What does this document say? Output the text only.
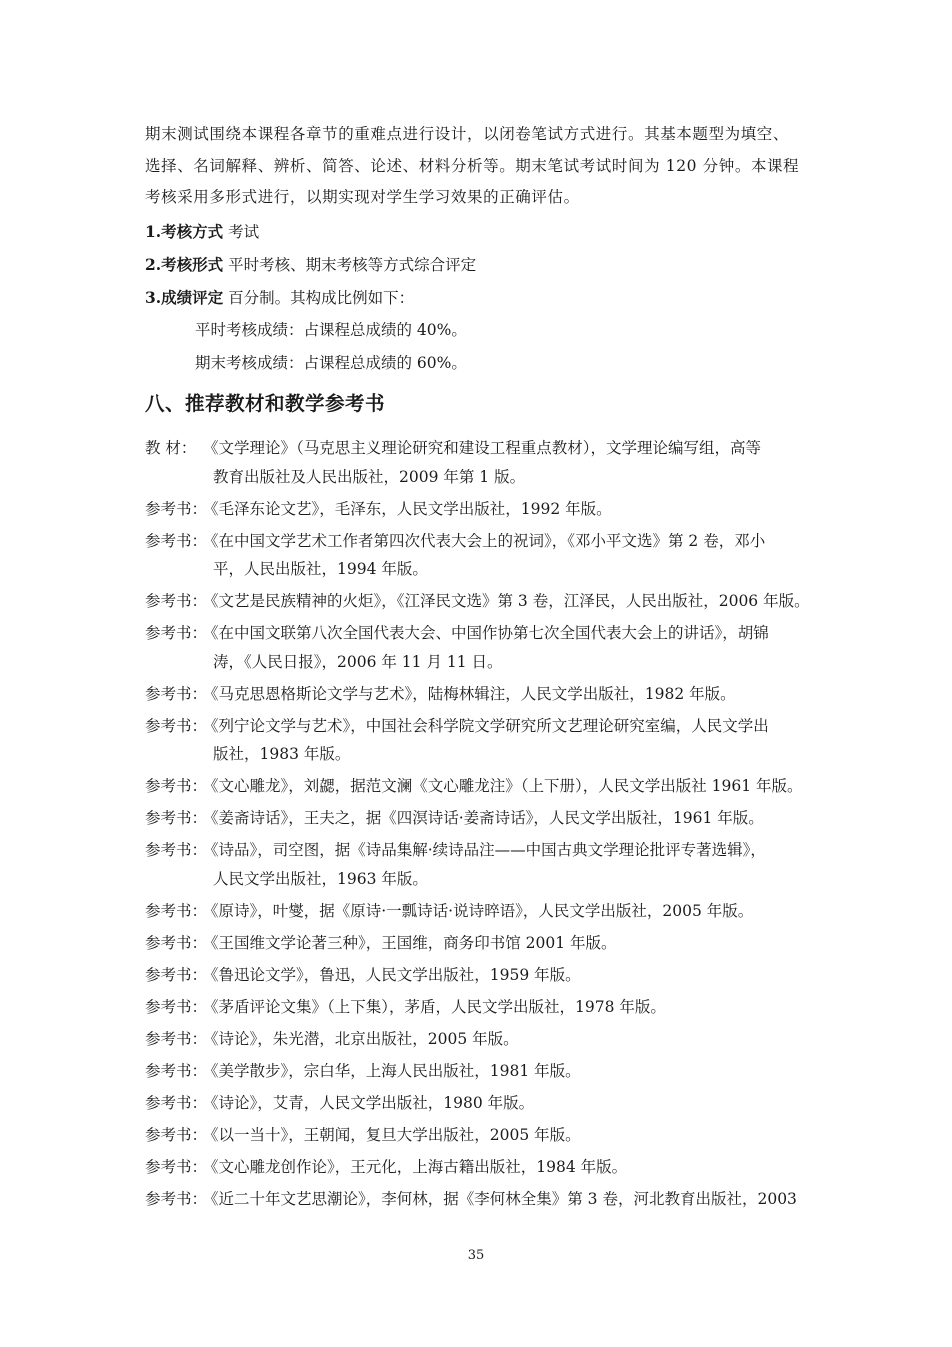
期末测试围绕本课程各章节的重难点进行设计，以闭卷笔试方式进行。其基本题型为填空、

选择、名词解释、辨析、简答、论述、材料分析等。期末笔试考试时间为 120 分钟。本课程

考核采用多形式进行，以期实现对学生学习效果的正确评估。

1.考核方式 考试
2.考核形式 平时考核、期末考核等方式综合评定
3.成绩评定 百分制。其构成比例如下：
平时考核成绩：占课程总成绩的 40%。
期末考核成绩：占课程总成绩的 60%。
八、推荐教材和教学参考书
教 材： 《文学理论》（马克思主义理论研究和建设工程重点教材），文学理论编写组，高等
教育出版社及人民出版社，2009 年第 1 版。
参考书：
《毛泽东论文艺》，毛泽东，人民文学出版社，1992 年版。
参考书：
《在中国文学艺术工作者第四次代表大会上的祝词》，《邓小平文选》第 2 卷，邓小
平，人民出版社，1994 年版。
参考书：
《文艺是民族精神的火炬》，《江泽民文选》第 3 卷，江泽民，人民出版社，2006 年版。
参考书：
《在中国文联第八次全国代表大会、中国作协第七次全国代表大会上的讲话》，胡锦
涛，《人民日报》，2006 年 11 月 11 日。
参考书：
《马克思恩格斯论文学与艺术》，陆梅林辑注，人民文学出版社，1982 年版。
参考书：
《列宁论文学与艺术》，中国社会科学院文学研究所文艺理论研究室编，人民文学出
版社，1983 年版。
参考书：
《文心雕龙》，刘勰，据范文澜《文心雕龙注》（上下册），人民文学出版社 1961 年版。
参考书：
《姜斋诗话》，王夫之，据《四溟诗话·姜斋诗话》，人民文学出版社，1961 年版。
参考书：
《诗品》，司空图，据《诗品集解·续诗品注——中国古典文学理论批评专著选辑》，
人民文学出版社，1963 年版。
参考书：
《原诗》，叶燮，据《原诗·一瓢诗话·说诗晬语》，人民文学出版社，2005 年版。
参考书：
《王国维文学论著三种》，王国维，商务印书馆 2001 年版。
参考书：
《鲁迅论文学》，鲁迅，人民文学出版社，1959 年版。
参考书：
《茅盾评论文集》（上下集），茅盾，人民文学出版社，1978 年版。
参考书：
《诗论》，朱光潜，北京出版社，2005 年版。
参考书：
《美学散步》，宗白华，上海人民出版社，1981 年版。
参考书：
《诗论》，艾青，人民文学出版社，1980 年版。
参考书：
《以一当十》，王朝闻，复旦大学出版社，2005 年版。
参考书：
《文心雕龙创作论》，王元化，上海古籍出版社，1984 年版。
参考书：
《近二十年文艺思潮论》，李何林，据《李何林全集》第 3 卷，河北教育出版社，2003
35
